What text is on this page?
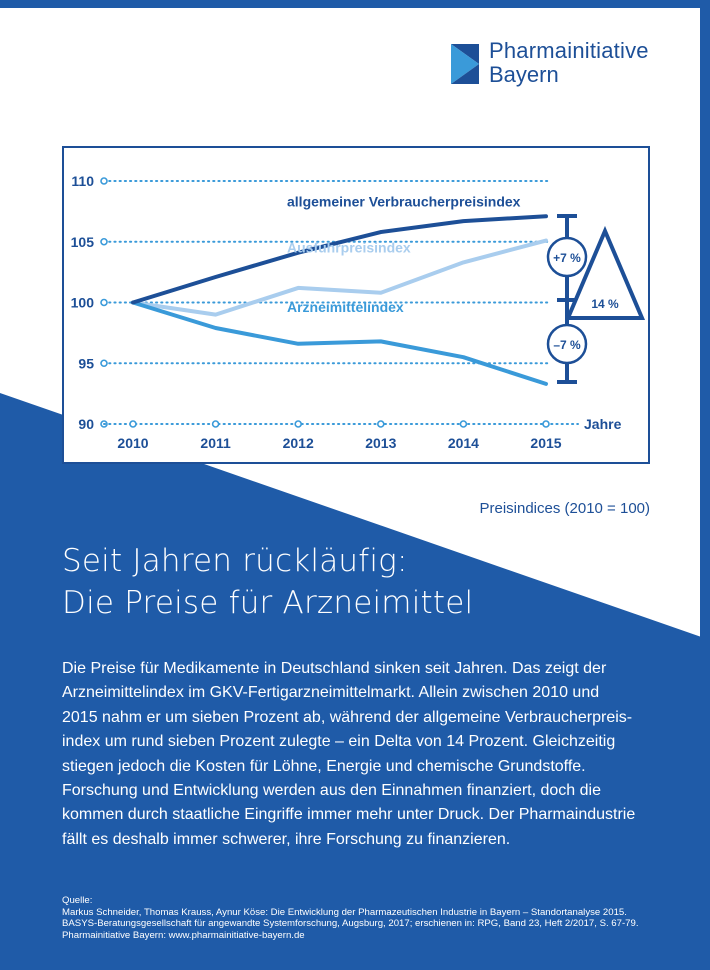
Pharmainitiative
Bayern
90
95
100
105
110
Jahre
2010	2011	2012	2013	2014	2015
allgemeiner Verbraucherpreisindex
Ausfuhrpreisindex
Arzneimittelindex
+7 %
–7 %
14 %
Preisindices (2010 = 100)
Seit Jahren rückläufig:
Die Preise für Arzneimittel
Die Preise für Medikamente in Deutschland sinken seit Jahren. Das zeigt der
Arzneimittelindex im GKV-Fertigarzneimittelmarkt. Allein zwischen 2010 und
2015 nahm er um sieben Prozent ab, während der allgemeine Verbraucherpreis-
index um rund sieben Prozent zulegte – ein Delta von 14 Prozent. Gleichzeitig
stiegen jedoch die Kosten für Löhne, Energie und chemische Grundstoffe.
Forschung und Entwicklung werden aus den Einnahmen finanziert, doch die
kommen durch staatliche Eingriffe immer mehr unter Druck. Der Pharmaindustrie
fällt es deshalb immer schwerer, ihre Forschung zu finanzieren.
Quelle:
Markus Schneider, Thomas Krauss, Aynur Köse: Die Entwicklung der Pharmazeutischen Industrie in Bayern – Standortanalyse 2015.
BASYS-Beratungsgesellschaft für angewandte Systemforschung, Augsburg, 2017; erschienen in: RPG, Band 23, Heft 2/2017, S. 67-79.
Pharmainitiative Bayern: www.pharmainitiative-bayern.de
